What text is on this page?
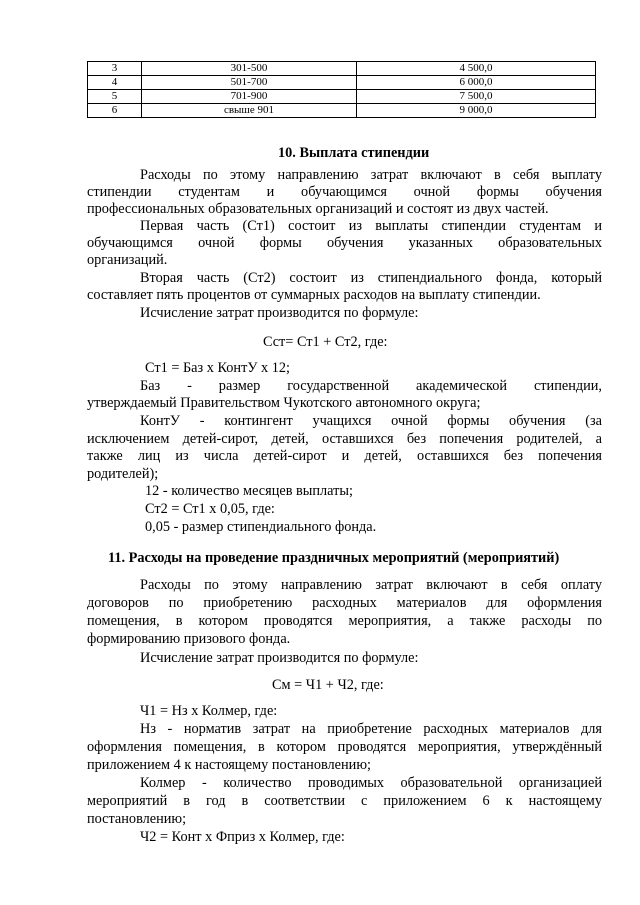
3	301-500	4 500,0
4	501-700	6 000,0
5	701-900	7 500,0
6	свыше 901	9 000,0
10. Выплата стипендии
Расходы по этому направлению затрат включают в себя выплату
стипендии студентам и обучающимся очной формы обучения
профессиональных образовательных организаций и состоят из двух частей.
Первая часть (Ст1) состоит из выплаты стипендии студентам и
обучающимся очной формы обучения указанных образовательных
организаций.
Вторая часть (Ст2) состоит из стипендиального фонда, который
составляет пять процентов от суммарных расходов на выплату стипендии.
Исчисление затрат производится по формуле:
Сст= Ст1 + Ст2, где:
Ст1 = Баз х КонтУ х 12;
Баз - размер государственной академической стипендии,
утверждаемый Правительством Чукотского автономного округа;
КонтУ - контингент учащихся очной формы обучения (за
исключением детей-сирот, детей, оставшихся без попечения родителей, а
также лиц из числа детей-сирот и детей, оставшихся без попечения
родителей);
12 - количество месяцев выплаты;
Ст2 = Ст1 х 0,05, где:
0,05 - размер стипендиального фонда.
11. Расходы на проведение праздничных мероприятий (мероприятий)
Расходы по этому направлению затрат включают в себя оплату
договоров по приобретению расходных материалов для оформления
помещения, в котором проводятся мероприятия, а также расходы по
формированию призового фонда.
Исчисление затрат производится по формуле:
См = Ч1 + Ч2, где:
Ч1 = Нз х Колмер, где:
Нз - норматив затрат на приобретение расходных материалов для
оформления помещения, в котором проводятся мероприятия, утверждённый
приложением 4 к настоящему постановлению;
Колмер - количество проводимых образовательной организацией
мероприятий в год в соответствии с приложением 6 к настоящему
постановлению;
Ч2 = Конт х Фприз х Колмер, где:
